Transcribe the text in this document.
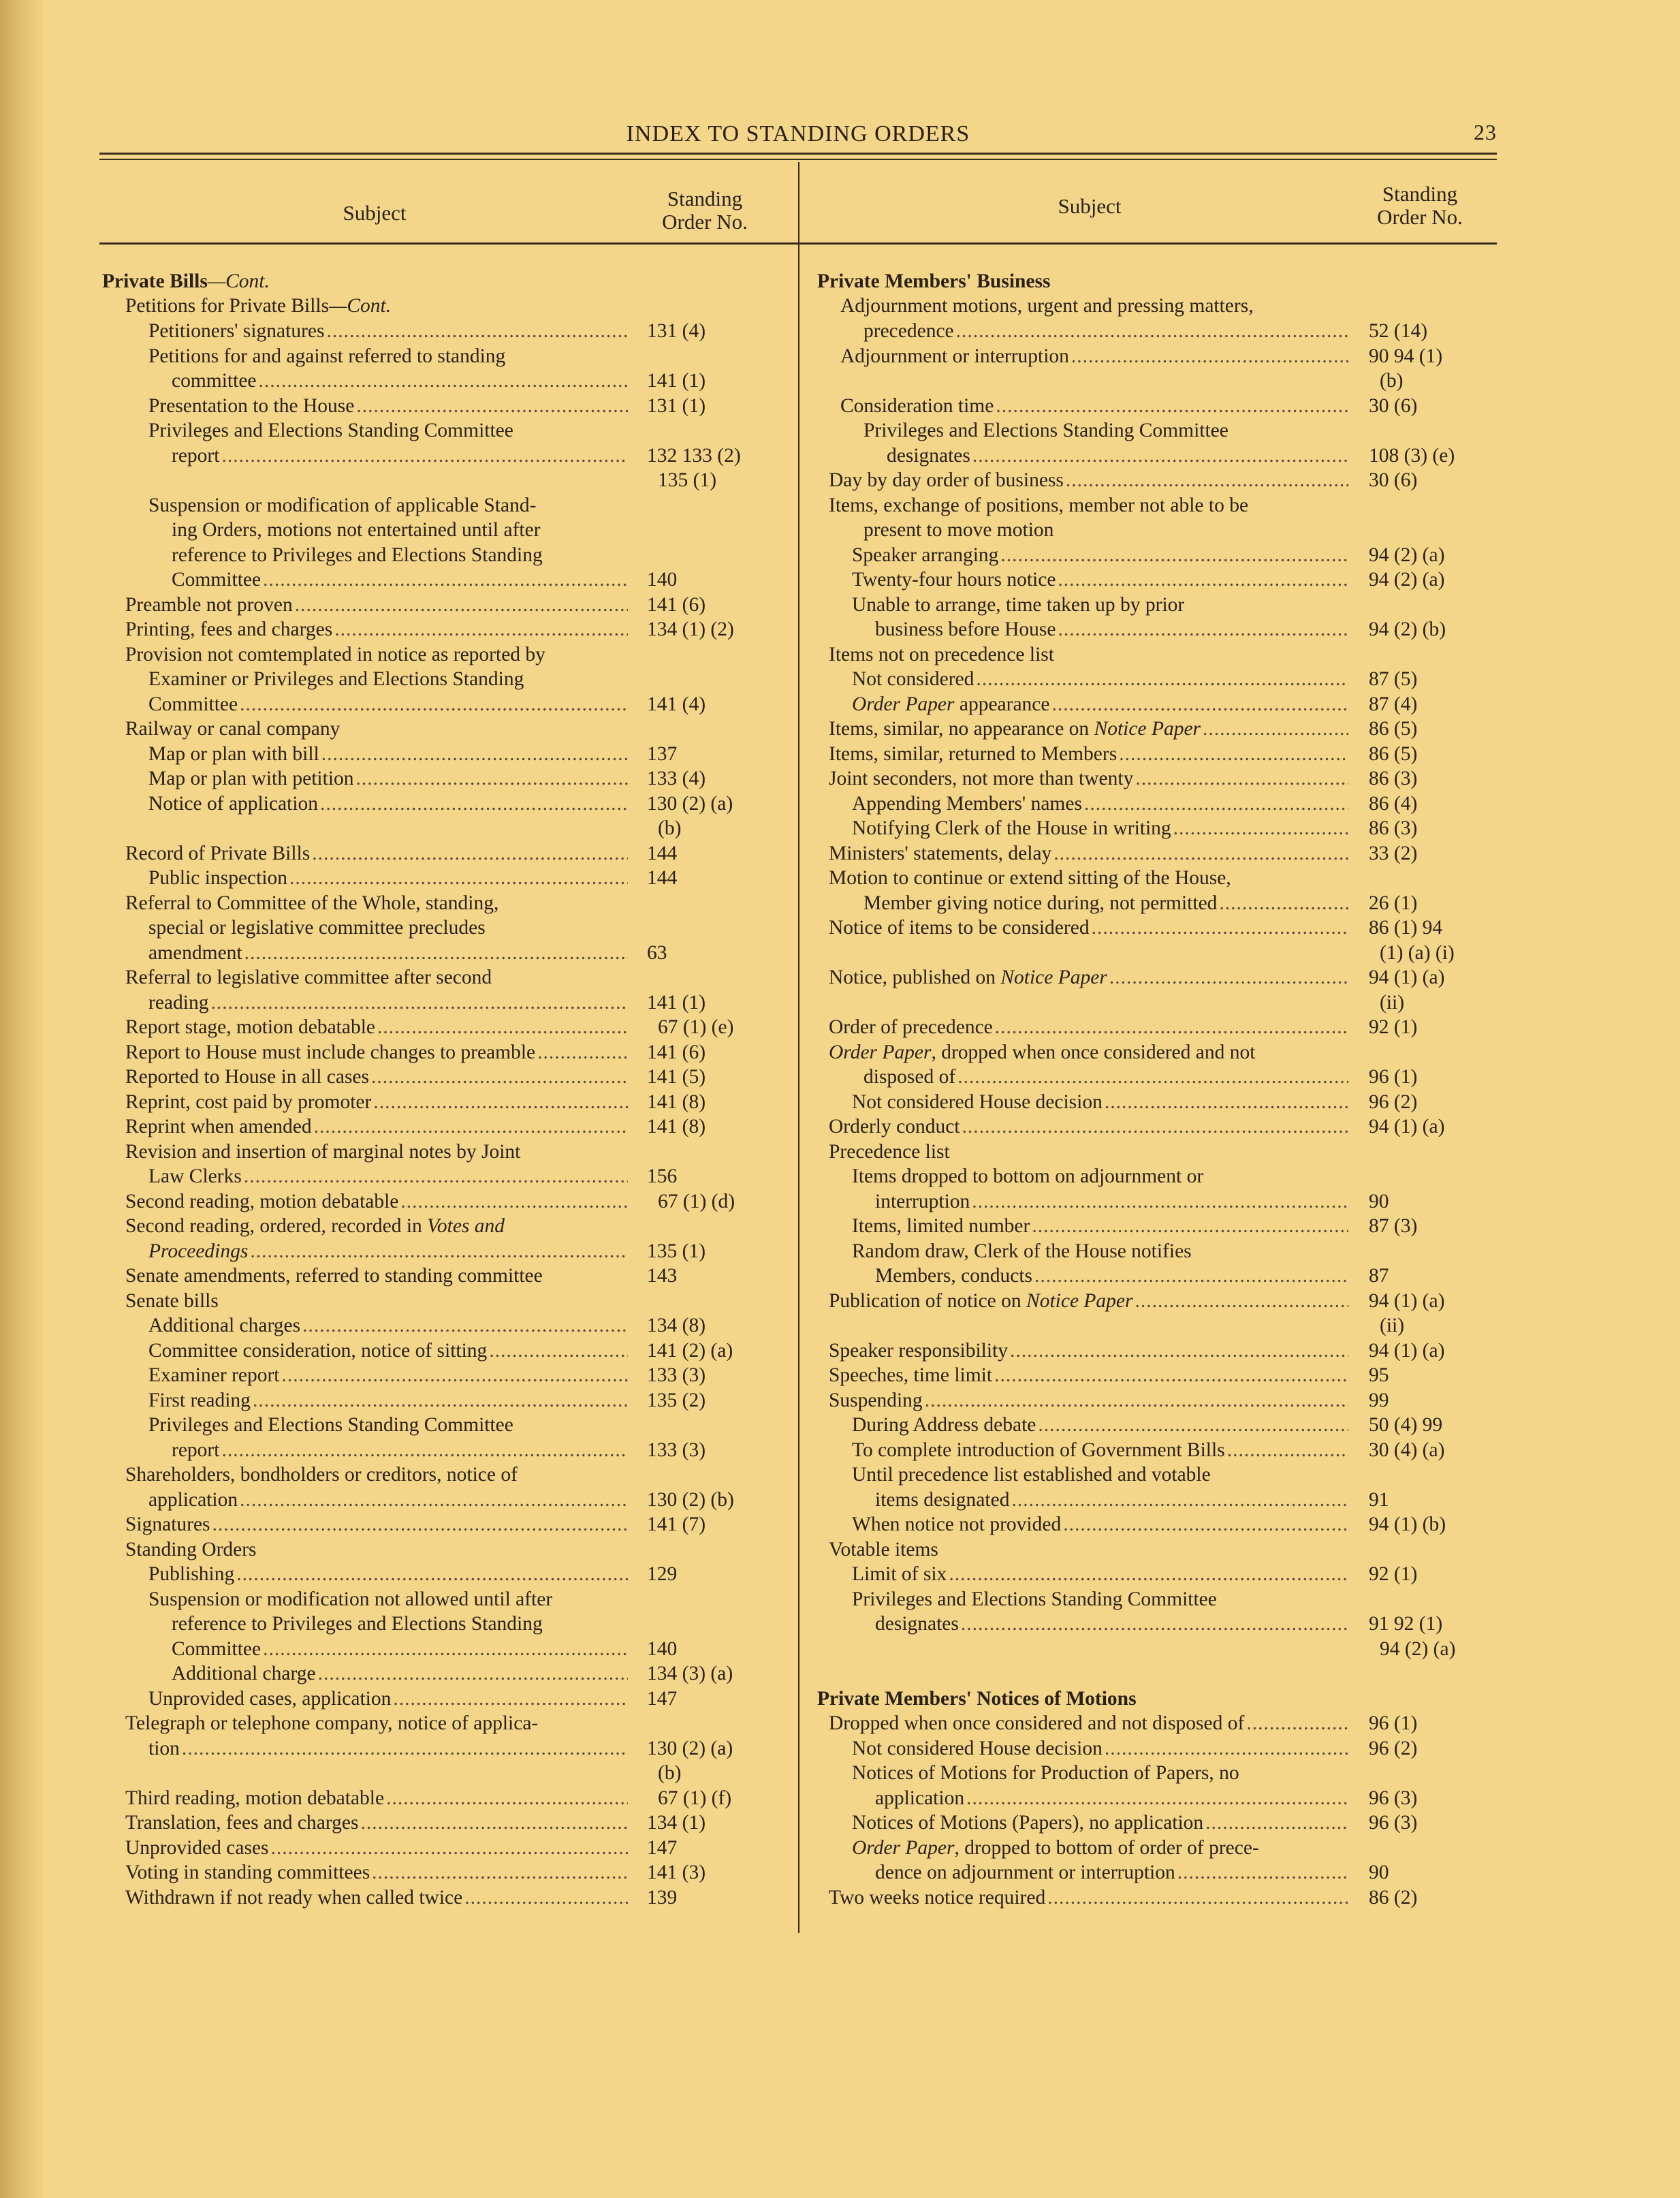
INDEX TO STANDING ORDERS	23
Subject
Standing
Order No.
Subject
Standing
Order No.
Private Bills —Cont.
Petitions for Private Bills —Cont.
Petitioners' signatures .....	131 (4)
Petitions for and against referred to standing
committee .....	141 (1)
Presentation to the House .....	131 (1)
Privileges and Elections Standing Committee
report .....	132 133 (2)
135 (1)
Suspension or modification of applicable Stand-
ing Orders, motions not entertained until after
reference to Privileges and Elections Standing
Committee .....	140
Preamble not proven .....	141 (6)
Printing, fees and charges .....	134 (1) (2)
Provision not comtemplated in notice as reported by
Examiner or Privileges and Elections Standing
Committee .....	141 (4)
Railway or canal company
Map or plan with bill .....	137
Map or plan with petition .....	133 (4)
Notice of application .....	130 (2) (a)
(b)
Record of Private Bills .....	144
Public inspection .....	144
Referral to Committee of the Whole, standing,
special or legislative committee precludes
amendment .....	63
Referral to legislative committee after second
reading .....	141 (1)
Report stage, motion debatable .....	67 (1) (e)
Report to House must include changes to preamble .....	141 (6)
Reported to House in all cases .....	141 (5)
Reprint, cost paid by promoter .....	141 (8)
Reprint when amended .....	141 (8)
Revision and insertion of marginal notes by Joint
Law Clerks .....	156
Second reading, motion debatable .....	67 (1) (d)
Second reading, ordered, recorded in Votes and
Proceedings .....	135 (1)
Senate amendments, referred to standing committee	143
Senate bills
Additional charges .....	134 (8)
Committee consideration, notice of sitting .....	141 (2) (a)
Examiner report .....	133 (3)
First reading .....	135 (2)
Privileges and Elections Standing Committee
report .....	133 (3)
Shareholders, bondholders or creditors, notice of
application .....	130 (2) (b)
Signatures .....	141 (7)
Standing Orders
Publishing .....	129
Suspension or modification not allowed until after
reference to Privileges and Elections Standing
Committee .....	140
Additional charge .....	134 (3) (a)
Unprovided cases, application .....	147
Telegraph or telephone company, notice of applica-
tion .....	130 (2) (a)
(b)
Third reading, motion debatable .....	67 (1) (f)
Translation, fees and charges .....	134 (1)
Unprovided cases .....	147
Voting in standing committees .....	141 (3)
Withdrawn if not ready when called twice .....	139
Private Members' Business
Adjournment motions, urgent and pressing matters,
precedence .....	52 (14)
Adjournment or interruption .....	90 94 (1)
(b)
Consideration time .....	30 (6)
Privileges and Elections Standing Committee
designates .....	108 (3) (e)
Day by day order of business .....	30 (6)
Items, exchange of positions, member not able to be
present to move motion
Speaker arranging .....	94 (2) (a)
Twenty-four hours notice .....	94 (2) (a)
Unable to arrange, time taken up by prior
business before House .....	94 (2) (b)
Items not on precedence list
Not considered .....	87 (5)
Order Paper appearance .....	87 (4)
Items, similar, no appearance on Notice Paper .....	86 (5)
Items, similar, returned to Members .....	86 (5)
Joint seconders, not more than twenty .....	86 (3)
Appending Members' names .....	86 (4)
Notifying Clerk of the House in writing .....	86 (3)
Ministers' statements, delay .....	33 (2)
Motion to continue or extend sitting of the House,
Member giving notice during, not permitted .....	26 (1)
Notice of items to be considered .....	86 (1) 94
(1) (a) (i)
Notice, published on Notice Paper .....	94 (1) (a)
(ii)
Order of precedence .....	92 (1)
Order Paper, dropped when once considered and not
disposed of .....	96 (1)
Not considered House decision .....	96 (2)
Orderly conduct .....	94 (1) (a)
Precedence list
Items dropped to bottom on adjournment or
interruption .....	90
Items, limited number .....	87 (3)
Random draw, Clerk of the House notifies
Members, conducts .....	87
Publication of notice on Notice Paper .....	94 (1) (a)
(ii)
Speaker responsibility .....	94 (1) (a)
Speeches, time limit .....	95
Suspending .....	99
During Address debate .....	50 (4) 99
To complete introduction of Government Bills .....	30 (4) (a)
Until precedence list established and votable
items designated .....	91
When notice not provided .....	94 (1) (b)
Votable items
Limit of six .....	92 (1)
Privileges and Elections Standing Committee
designates .....	91 92 (1)
94 (2) (a)
Private Members' Notices of Motions
Dropped when once considered and not disposed of .....	96 (1)
Not considered House decision .....	96 (2)
Notices of Motions for Production of Papers, no
application .....	96 (3)
Notices of Motions (Papers), no application .....	96 (3)
Order Paper, dropped to bottom of order of prece-
dence on adjournment or interruption .....	90
Two weeks notice required .....	86 (2)
